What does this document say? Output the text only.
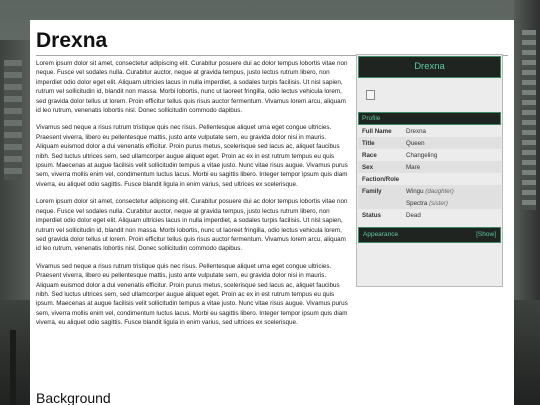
Drexna

Lorem ipsum dolor sit amet, consectetur adipiscing elit. Curabitur posuere dui ac dolor tempus lobortis vitae non neque. Fusce vel sodales nulla. Curabitur auctor, neque at gravida tempus, justo lectus rutrum libero, non imperdiet odio dolor eget elit. Aliquam ultricies lacus in nulla imperdiet, a sodales turpis facilisis. Ut nisl sapien, rutrum vel sollicitudin id, blandit non massa. Morbi lobortis, nunc ut laoreet fringilla, odio lectus vehicula lorem, sed gravida dolor tellus ut lorem. Proin efficitur tellus quis risus auctor fermentum. Vivamus lorem arcu, aliquam id leo rutrum, venenatis lobortis nisl. Donec sollicitudin commodo dapibus.

Vivamus sed neque a risus rutrum tristique quis nec risus. Pellentesque aliquet urna eget congue ultricies. Praesent viverra, libero eu pellentesque mattis, justo ante vulputate sem, eu gravida dolor nisi in mauris. Aliquam euismod dolor a dui venenatis efficitur. Proin purus metus, scelerisque sed lacus ac, aliquet faucibus nibh. Sed luctus ultrices sem, sed ullamcorper augue aliquet eget. Proin ac ex in est rutrum tempus eu quis ipsum. Maecenas at augue facilisis velit sollicitudin tempus a vitae justo. Nunc vitae risus augue. Vivamus purus sem, viverra mollis enim vel, condimentum luctus lacus. Morbi eu sagittis libero. Integer tempor ipsum quis diam viverra, eu aliquet odio sagittis. Fusce blandit ligula in enim varius, sed ultrices ex scelerisque.

Lorem ipsum dolor sit amet, consectetur adipiscing elit. Curabitur posuere dui ac dolor tempus lobortis vitae non neque. Fusce vel sodales nulla. Curabitur auctor, neque at gravida tempus, justo lectus rutrum libero, non imperdiet odio dolor eget elit. Aliquam ultricies lacus in nulla imperdiet, a sodales turpis facilisis. Ut nisl sapien, rutrum vel sollicitudin id, blandit non massa. Morbi lobortis, nunc ut laoreet fringilla, odio lectus vehicula lorem, sed gravida dolor tellus ut lorem. Proin efficitur tellus quis risus auctor fermentum. Vivamus lorem arcu, aliquam id leo rutrum, venenatis lobortis nisl. Donec sollicitudin commodo dapibus.

Vivamus sed neque a risus rutrum tristique quis nec risus. Pellentesque aliquet urna eget congue ultricies. Praesent viverra, libero eu pellentesque mattis, justo ante vulputate sem, eu gravida dolor nisi in mauris. Aliquam euismod dolor a dui venenatis efficitur. Proin purus metus, scelerisque sed lacus ac, aliquet faucibus nibh. Sed luctus ultrices sem, sed ullamcorper augue aliquet eget. Proin ac ex in est rutrum tempus eu quis ipsum. Maecenas at augue facilisis velit sollicitudin tempus a vitae justo. Nunc vitae risus augue. Vivamus purus sem, viverra mollis enim vel, condimentum luctus lacus. Morbi eu sagittis libero. Integer tempor ipsum quis diam viverra, eu aliquet odio sagittis. Fusce blandit ligula in enim varius, sed ultrices ex scelerisque.

Drexna
Profile
Full Name	Drexna
Title	Queen
Race	Changeling
Sex	Mare
Faction/Role
Family	Wingu (daughter)
Spectra (sister)
Status	Dead
Appearance	[Show]
Background
